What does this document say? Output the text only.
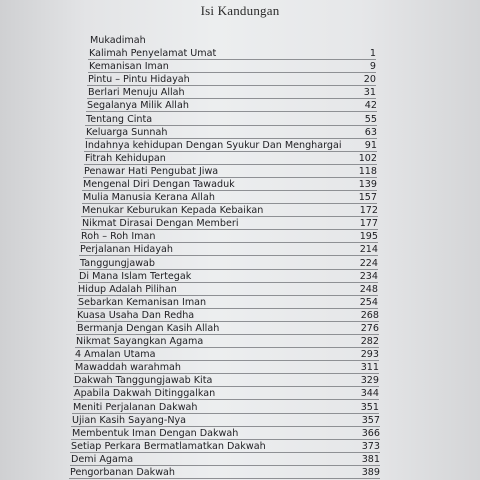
Isi Kandungan
Mukadimah
Kalimah Penyelamat Umat	1
Kemanisan Iman	9
Pintu – Pintu Hidayah	20
Berlari Menuju Allah	31
Segalanya Milik Allah	42
Tentang Cinta	55
Keluarga Sunnah	63
Indahnya kehidupan Dengan Syukur Dan Menghargai	91
Fitrah Kehidupan	102
Penawar Hati Pengubat Jiwa	118
Mengenal Diri Dengan Tawaduk	139
Mulia Manusia Kerana Allah	157
Menukar Keburukan Kepada Kebaikan	172
Nikmat Dirasai Dengan Memberi	177
Roh – Roh Iman	195
Perjalanan Hidayah	214
Tanggungjawab	224
Di Mana Islam Tertegak	234
Hidup Adalah Pilihan	248
Sebarkan Kemanisan Iman	254
Kuasa Usaha Dan Redha	268
Bermanja Dengan Kasih Allah	276
Nikmat Sayangkan Agama	282
4 Amalan Utama	293
Mawaddah warahmah	311
Dakwah Tanggungjawab Kita	329
Apabila Dakwah Ditinggalkan	344
Meniti Perjalanan Dakwah	351
Ujian Kasih Sayang-Nya	357
Membentuk Iman Dengan Dakwah	366
Setiap Perkara Bermatlamatkan Dakwah	373
Demi Agama	381
Pengorbanan Dakwah	389
